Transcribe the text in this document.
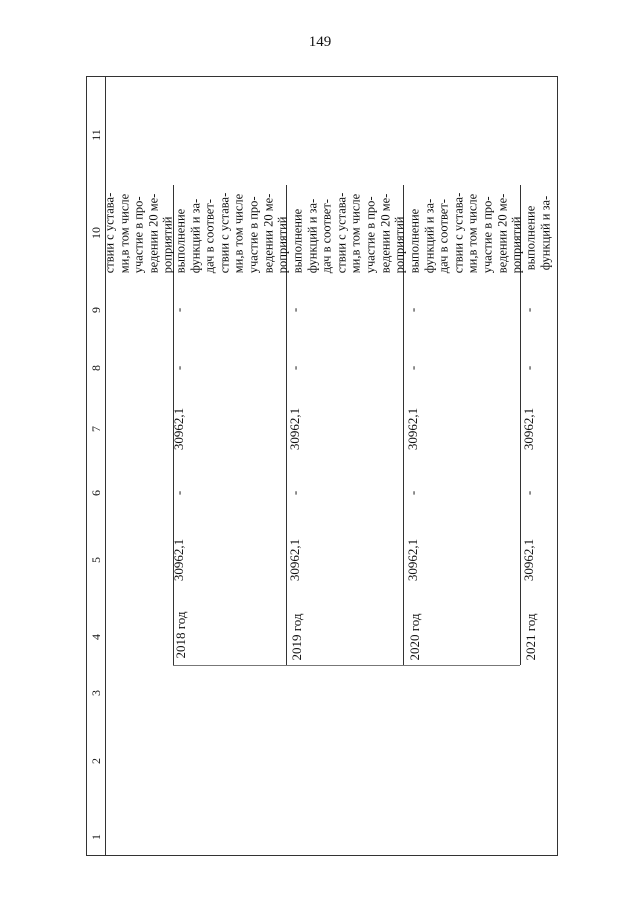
149
11
10
9
8
7
6
5
4
3
2
1
ствии с устава-
ми,в том числе
участие в про-
ведении 20 ме-
роприятий
выполнение
функций и за-
дач в соответ-
ствии с устава-
ми,в том числе
участие в про-
ведении 20 ме-
роприятий
-
-
30962,1
-
30962,1
2018 год
выполнение
функций и за-
дач в соответ-
ствии с устава-
ми,в том числе
участие в про-
ведении 20 ме-
роприятий
-
-
30962,1
-
30962,1
2019 год
выполнение
функций и за-
дач в соответ-
ствии с устава-
ми,в том числе
участие в про-
ведении 20 ме-
роприятий
-
-
30962,1
-
30962,1
2020 год
выполнение
функций и за-
-
-
30962,1
-
30962,1
2021 год
